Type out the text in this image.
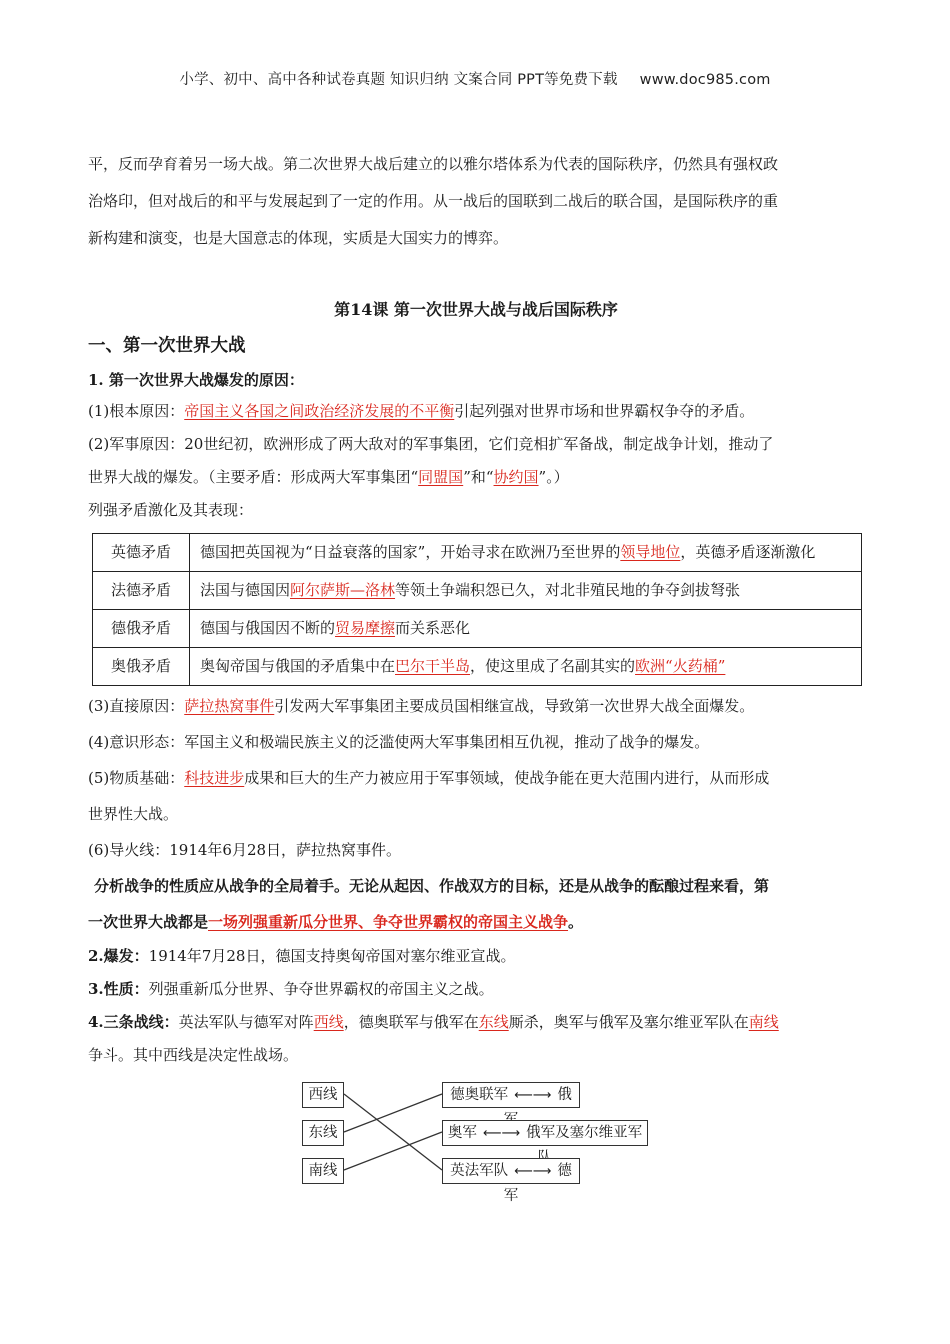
小学、初中、高中各种试卷真题 知识归纳 文案合同 PPT等免费下载 www.doc985.com

平，反而孕育着另一场大战。第二次世界大战后建立的以雅尔塔体系为代表的国际秩序，仍然具有强权政

治烙印，但对战后的和平与发展起到了一定的作用。从一战后的国联到二战后的联合国，是国际秩序的重

新构建和演变，也是大国意志的体现，实质是大国实力的博弈。

第14课 第一次世界大战与战后国际秩序
一、第一次世界大战
1. 第一次世界大战爆发的原因：

(1)根本原因：帝国主义各国之间政治经济发展的不平衡引起列强对世界市场和世界霸权争夺的矛盾。

(2)军事原因：20世纪初，欧洲形成了两大敌对的军事集团，它们竞相扩军备战，制定战争计划，推动了
世界大战的爆发。（主要矛盾：形成两大军事集团“同盟国”和“协约国”。）

列强矛盾激化及其表现：

英德矛盾	德国把英国视为“日益衰落的国家”，开始寻求在欧洲乃至世界的领导地位，英德矛盾逐渐激化
法德矛盾	法国与德国因阿尔萨斯—洛林等领土争端积怨已久，对北非殖民地的争夺剑拔弩张
德俄矛盾	德国与俄国因不断的贸易摩擦而关系恶化
奥俄矛盾	奥匈帝国与俄国的矛盾集中在巴尔干半岛，使这里成了名副其实的欧洲“火药桶”

(3)直接原因：萨拉热窝事件引发两大军事集团主要成员国相继宣战，导致第一次世界大战全面爆发。

(4)意识形态：军国主义和极端民族主义的泛滥使两大军事集团相互仇视，推动了战争的爆发。

(5)物质基础：科技进步成果和巨大的生产力被应用于军事领域，使战争能在更大范围内进行，从而形成
世界性大战。

(6)导火线：1914年6月28日，萨拉热窝事件。

分析战争的性质应从战争的全局着手。无论从起因、作战双方的目标，还是从战争的酝酿过程来看，第
一次世界大战都是一场列强重新瓜分世界、争夺世界霸权的帝国主义战争。

2.爆发：1914年7月28日，德国支持奥匈帝国对塞尔维亚宣战。

3.性质：列强重新瓜分世界、争夺世界霸权的帝国主义之战。

4.三条战线：英法军队与德军对阵西线，德奥联军与俄军在东线厮杀，奥军与俄军及塞尔维亚军队在南线
争斗。其中西线是决定性战场。

西线
东线
南线
德奥联军 ⟵⟶ 俄
奥军 ⟵⟶ 俄军及塞尔维亚军
英法军队 ⟵⟶ 德军
